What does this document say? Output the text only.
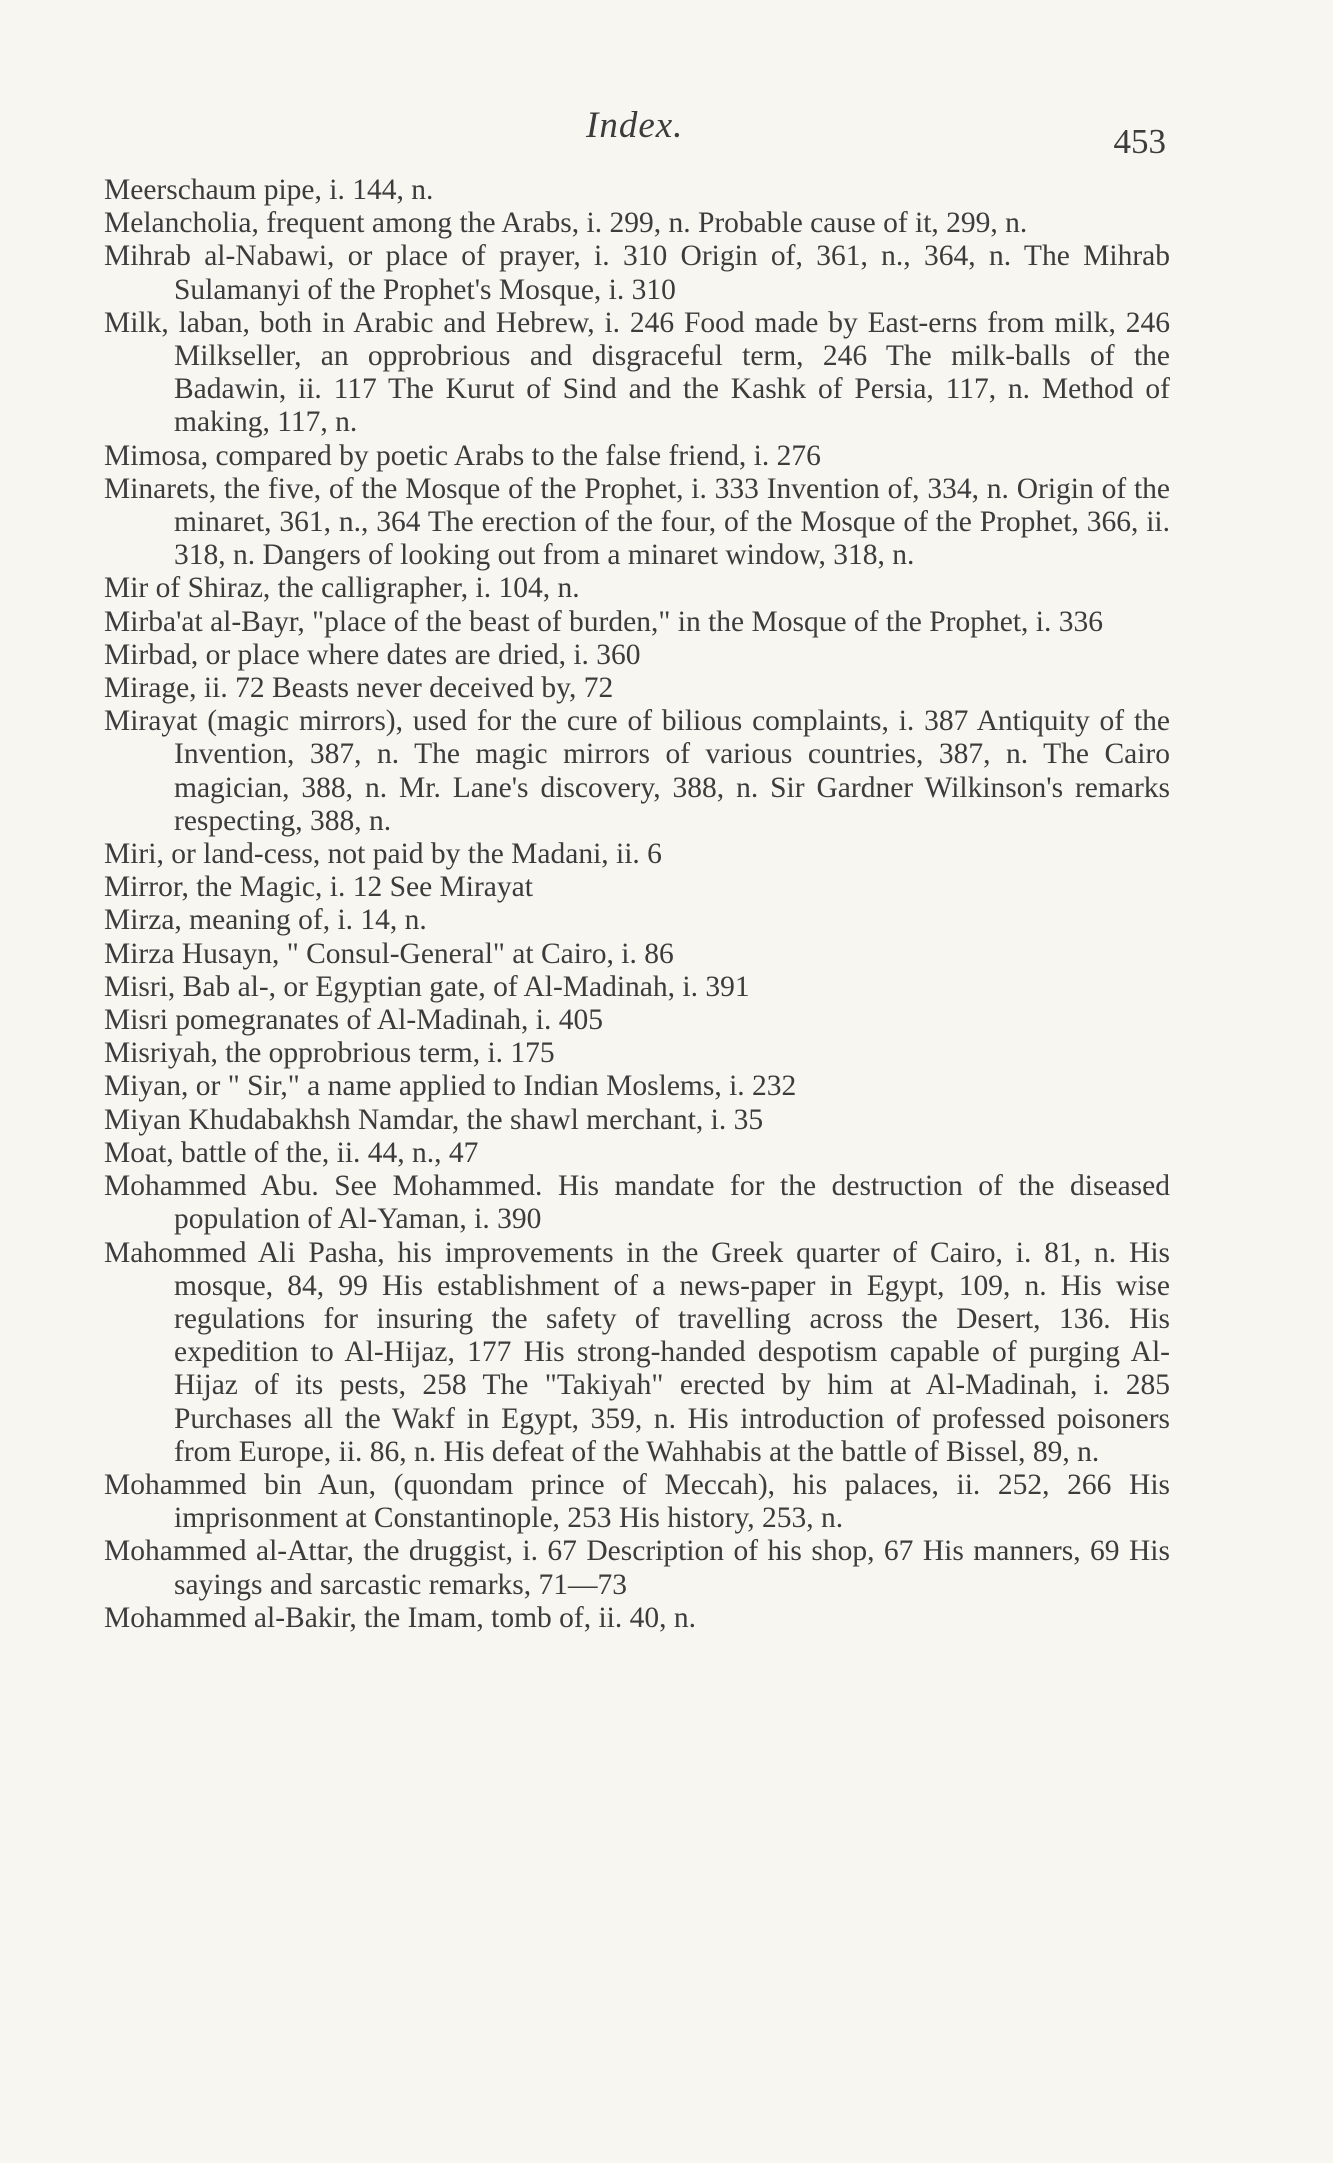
Index.	453

Meerschaum pipe, i. 144, n.

Melancholia, frequent among the Arabs, i. 299, n. Probable cause of it, 299, n.

Mihrab al-Nabawi, or place of prayer, i. 310 Origin of, 361, n., 364, n. The Mihrab Sulamanyi of the Prophet's Mosque, i. 310

Milk, laban, both in Arabic and Hebrew, i. 246 Food made by East-erns from milk, 246 Milkseller, an opprobrious and disgraceful term, 246 The milk-balls of the Badawin, ii. 117 The Kurut of Sind and the Kashk of Persia, 117, n. Method of making, 117, n.

Mimosa, compared by poetic Arabs to the false friend, i. 276

Minarets, the five, of the Mosque of the Prophet, i. 333 Invention of, 334, n. Origin of the minaret, 361, n., 364 The erection of the four, of the Mosque of the Prophet, 366, ii. 318, n. Dangers of looking out from a minaret window, 318, n.

Mir of Shiraz, the calligrapher, i. 104, n.

Mirba'at al-Bayr, "place of the beast of burden," in the Mosque of the Prophet, i. 336

Mirbad, or place where dates are dried, i. 360

Mirage, ii. 72 Beasts never deceived by, 72

Mirayat (magic mirrors), used for the cure of bilious complaints, i. 387 Antiquity of the Invention, 387, n. The magic mirrors of various countries, 387, n. The Cairo magician, 388, n. Mr. Lane's discovery, 388, n. Sir Gardner Wilkinson's remarks respecting, 388, n.

Miri, or land-cess, not paid by the Madani, ii. 6

Mirror, the Magic, i. 12 See Mirayat

Mirza, meaning of, i. 14, n.

Mirza Husayn, " Consul-General" at Cairo, i. 86

Misri, Bab al-, or Egyptian gate, of Al-Madinah, i. 391

Misri pomegranates of Al-Madinah, i. 405

Misriyah, the opprobrious term, i. 175

Miyan, or " Sir," a name applied to Indian Moslems, i. 232

Miyan Khudabakhsh Namdar, the shawl merchant, i. 35

Moat, battle of the, ii. 44, n., 47

Mohammed Abu. See Mohammed. His mandate for the destruction of the diseased population of Al-Yaman, i. 390

Mahommed Ali Pasha, his improvements in the Greek quarter of Cairo, i. 81, n. His mosque, 84, 99 His establishment of a news-paper in Egypt, 109, n. His wise regulations for insuring the safety of travelling across the Desert, 136. His expedition to Al-Hijaz, 177 His strong-handed despotism capable of purging Al-Hijaz of its pests, 258 The "Takiyah" erected by him at Al-Madinah, i. 285 Purchases all the Wakf in Egypt, 359, n. His introduction of professed poisoners from Europe, ii. 86, n. His defeat of the Wahhabis at the battle of Bissel, 89, n.

Mohammed bin Aun, (quondam prince of Meccah), his palaces, ii. 252, 266 His imprisonment at Constantinople, 253 His history, 253, n.

Mohammed al-Attar, the druggist, i. 67 Description of his shop, 67 His manners, 69 His sayings and sarcastic remarks, 71—73

Mohammed al-Bakir, the Imam, tomb of, ii. 40, n.
